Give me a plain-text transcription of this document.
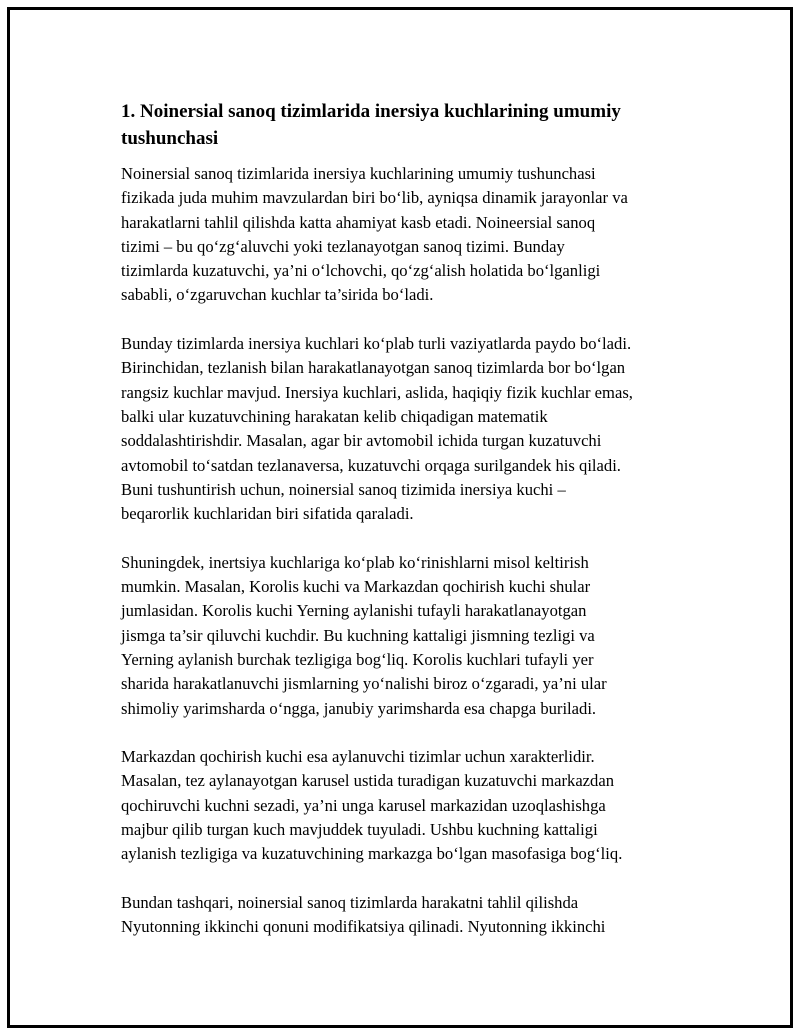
1. Noinersial sanoq tizimlarida inersiya kuchlarining umumiy
tushunchasi

Noinersial sanoq tizimlarida inersiya kuchlarining umumiy tushunchasi
fizikada juda muhim mavzulardan biri bo‘lib, ayniqsa dinamik jarayonlar va
harakatlarni tahlil qilishda katta ahamiyat kasb etadi. Noineersial sanoq
tizimi – bu qo‘zg‘aluvchi yoki tezlanayotgan sanoq tizimi. Bunday
tizimlarda kuzatuvchi, ya’ni o‘lchovchi, qo‘zg‘alish holatida bo‘lganligi
sababli, o‘zgaruvchan kuchlar ta’sirida bo‘ladi.

Bunday tizimlarda inersiya kuchlari ko‘plab turli vaziyatlarda paydo bo‘ladi.
Birinchidan, tezlanish bilan harakatlanayotgan sanoq tizimlarda bor bo‘lgan
rangsiz kuchlar mavjud. Inersiya kuchlari, aslida, haqiqiy fizik kuchlar emas,
balki ular kuzatuvchining harakatan kelib chiqadigan matematik
soddalashtirishdir. Masalan, agar bir avtomobil ichida turgan kuzatuvchi
avtomobil to‘satdan tezlanaversa, kuzatuvchi orqaga surilgandek his qiladi.
Buni tushuntirish uchun, noinersial sanoq tizimida inersiya kuchi –
beqarorlik kuchlaridan biri sifatida qaraladi.

Shuningdek, inertsiya kuchlariga ko‘plab ko‘rinishlarni misol keltirish
mumkin. Masalan, Korolis kuchi va Markazdan qochirish kuchi shular
jumlasidan. Korolis kuchi Yerning aylanishi tufayli harakatlanayotgan
jismga ta’sir qiluvchi kuchdir. Bu kuchning kattaligi jismning tezligi va
Yerning aylanish burchak tezligiga bog‘liq. Korolis kuchlari tufayli yer
sharida harakatlanuvchi jismlarning yo‘nalishi biroz o‘zgaradi, ya’ni ular
shimoliy yarimsharda o‘ngga, janubiy yarimsharda esa chapga buriladi.

Markazdan qochirish kuchi esa aylanuvchi tizimlar uchun xarakterlidir.
Masalan, tez aylanayotgan karusel ustida turadigan kuzatuvchi markazdan
qochiruvchi kuchni sezadi, ya’ni unga karusel markazidan uzoqlashishga
majbur qilib turgan kuch mavjuddek tuyuladi. Ushbu kuchning kattaligi
aylanish tezligiga va kuzatuvchining markazga bo‘lgan masofasiga bog‘liq.

Bundan tashqari, noinersial sanoq tizimlarda harakatni tahlil qilishda
Nyutonning ikkinchi qonuni modifikatsiya qilinadi. Nyutonning ikkinchi
